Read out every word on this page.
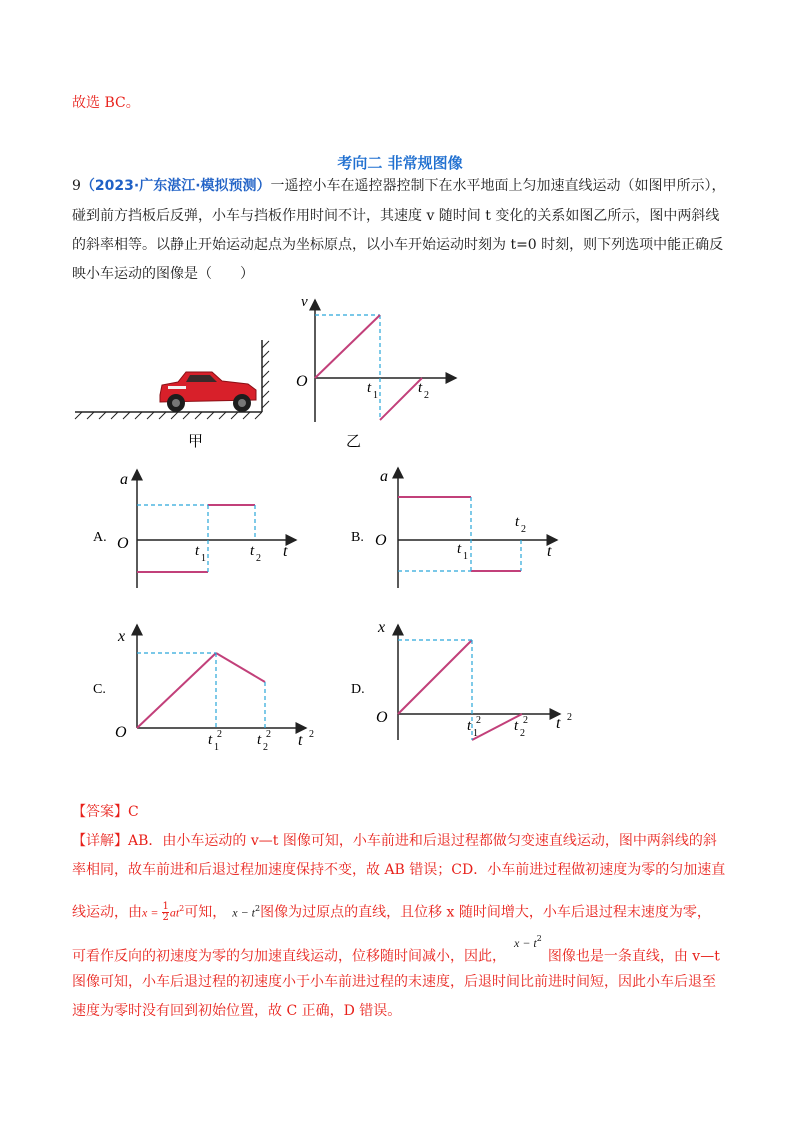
故选 BC。
考向二 非常规图像
9（2023·广东湛江·模拟预测）一遥控小车在遥控器控制下在水平地面上匀加速直线运动（如图甲所示），
碰到前方挡板后反弹，小车与挡板作用时间不计，其速度 v 随时间 t 变化的关系如图乙所示，图中两斜线
的斜率相等。以静止开始运动起点为坐标原点，以小车开始运动时刻为 t=0 时刻，则下列选项中能正确反
映小车运动的图像是（　　）
甲
v
O	t 1	t 2
乙
A.
a
O	t
t 1	t 2
B.
a
O
t
t 1
t 2
C.
x
O	t 2
t 1
2 t 2
2
D.
x
O	t 2
t 1
2 t 2
2
【答案】C
【详解】AB．由小车运动的 v—t 图像可知，小车前进和后退过程都做匀变速直线运动，图中两斜线的斜
率相同，故车前进和后退过程加速度保持不变，故 AB 错误；CD．小车前进过程做初速度为零的匀加速直
线运动，由$x = \frac{1}{2} at^2$可知， $x - t^2$图像为过原点的直线，且位移 x 随时间增大，小车后退过程末速度为零，
可看作反向的初速度为零的匀加速直线运动，位移随时间减小，因此，$x - t^2$图像也是一条直线，由 v—t
图像可知，小车后退过程的初速度小于小车前进过程的末速度，后退时间比前进时间短，因此小车后退至
速度为零时没有回到初始位置，故 C 正确，D 错误。
